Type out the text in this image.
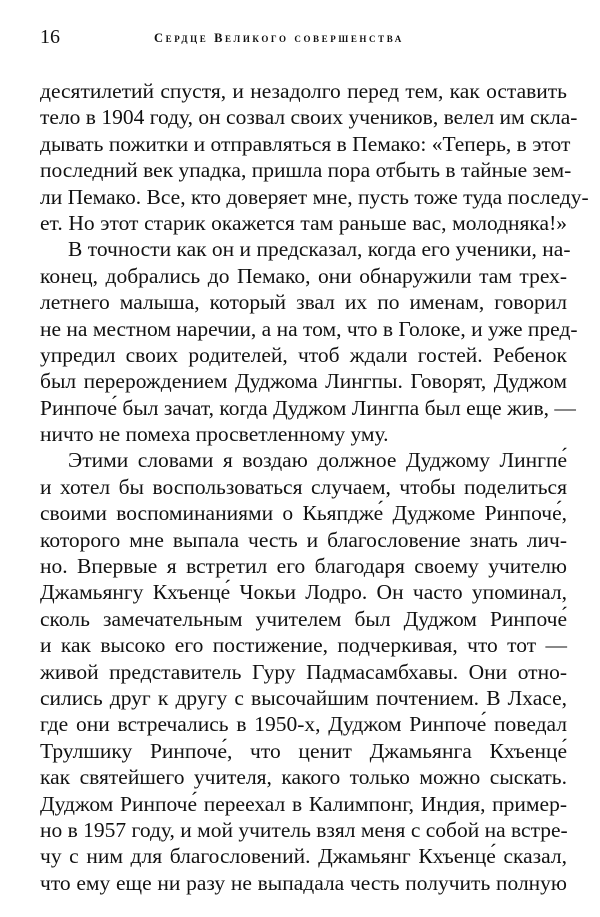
16	Сердце Великого совершенства
десятилетий спустя, и незадолго перед тем, как оставить
тело в 1904 году, он созвал своих учеников, велел им скла-
дывать пожитки и отправляться в Пемако: «Теперь, в этот
последний век упадка, пришла пора отбыть в тайные зем-
ли Пемако. Все, кто доверяет мне, пусть тоже туда последу-
ет. Но этот старик окажется там раньше вас, молодняка!»
В точности как он и предсказал, когда его ученики, на-
конец, добрались до Пемако, они обнаружили там трех-
летнего малыша, который звал их по именам, говорил
не на местном наречии, а на том, что в Голоке, и уже пред-
упредил своих родителей, чтоб ждали гостей. Ребенок
был перерождением Дуджома Лингпы. Говорят, Дуджом
Ринпоче́ был зачат, когда Дуджом Лингпа был еще жив, —
ничто не помеха просветленному уму.
Этими словами я воздаю должное Дуджому Лингпе́
и хотел бы воспользоваться случаем, чтобы поделиться
своими воспоминаниями о Кьяпдже́ Дуджоме Ринпоче́,
которого мне выпала честь и благословение знать лич-
но. Впервые я встретил его благодаря своему учителю
Джамьянгу Кхъенце́ Чокьи Лодро. Он часто упоминал,
сколь замечательным учителем был Дуджом Ринпоче́
и как высоко его постижение, подчеркивая, что тот —
живой представитель Гуру Падмасамбхавы. Они отно-
сились друг к другу с высочайшим почтением. В Лхасе,
где они встречались в 1950-х, Дуджом Ринпоче́ поведал
Трулшику Ринпоче́, что ценит Джамьянга Кхъенце́
как святейшего учителя, какого только можно сыскать.
Дуджом Ринпоче́ переехал в Калимпонг, Индия, пример-
но в 1957 году, и мой учитель взял меня с собой на встре-
чу с ним для благословений. Джамьянг Кхъенце́ сказал,
что ему еще ни разу не выпадала честь получить полную
